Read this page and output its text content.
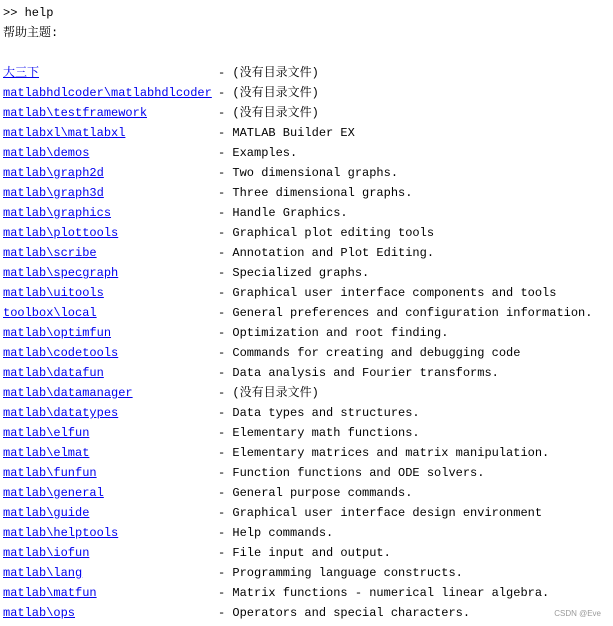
>> help
帮助主题:
大三下	- (没有目录文件)
matlabhdlcoder\matlabhdlcoder - (没有目录文件)
matlab\testframework	- (没有目录文件)
matlabxl\matlabxl	- MATLAB Builder EX
matlab\demos	- Examples.
matlab\graph2d	- Two dimensional graphs.
matlab\graph3d	- Three dimensional graphs.
matlab\graphics	- Handle Graphics.
matlab\plottools	- Graphical plot editing tools
matlab\scribe	- Annotation and Plot Editing.
matlab\specgraph	- Specialized graphs.
matlab\uitools	- Graphical user interface components and tools
toolbox\local	- General preferences and configuration information.
matlab\optimfun	- Optimization and root finding.
matlab\codetools	- Commands for creating and debugging code
matlab\datafun	- Data analysis and Fourier transforms.
matlab\datamanager	- (没有目录文件)
matlab\datatypes	- Data types and structures.
matlab\elfun	- Elementary math functions.
matlab\elmat	- Elementary matrices and matrix manipulation.
matlab\funfun	- Function functions and ODE solvers.
matlab\general	- General purpose commands.
matlab\guide	- Graphical user interface design environment
matlab\helptools	- Help commands.
matlab\iofun	- File input and output.
matlab\lang	- Programming language constructs.
matlab\matfun	- Matrix functions - numerical linear algebra.
matlab\ops	- Operators and special characters.	CSDN @Eve
